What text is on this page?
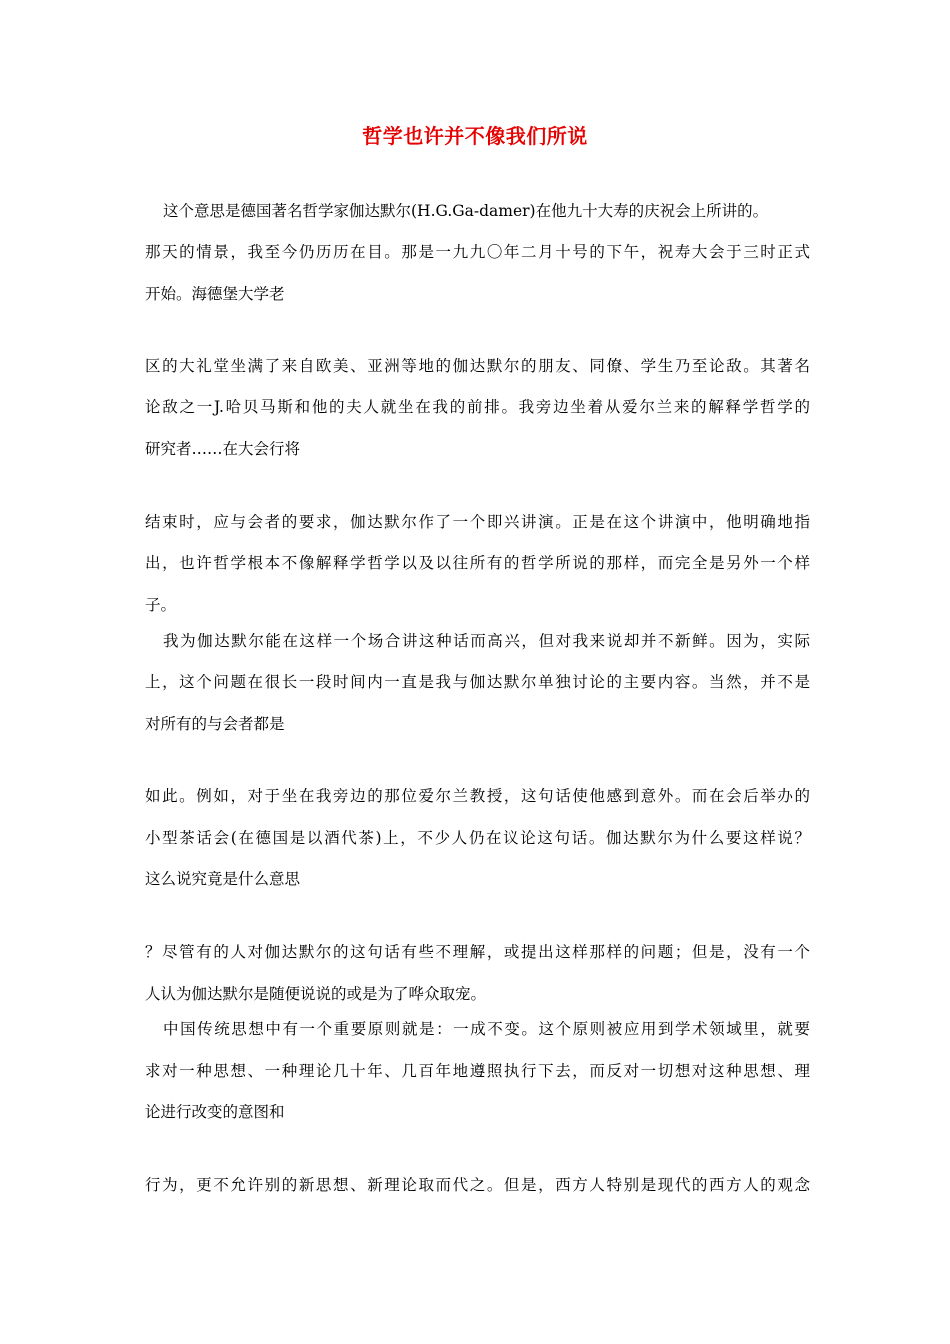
哲学也许并不像我们所说
这个意思是德国著名哲学家伽达默尔(H.G.Ga-damer)在他九十大寿的庆祝会上所讲的。
那天的情景，我至今仍历历在目。那是一九九〇年二月十号的下午，祝寿大会于三时正式
开始。海德堡大学老
区的大礼堂坐满了来自欧美、亚洲等地的伽达默尔的朋友、同僚、学生乃至论敌。其著名
论敌之一J.哈贝马斯和他的夫人就坐在我的前排。我旁边坐着从爱尔兰来的解释学哲学的
研究者……在大会行将
结束时，应与会者的要求，伽达默尔作了一个即兴讲演。正是在这个讲演中，他明确地指
出，也许哲学根本不像解释学哲学以及以往所有的哲学所说的那样，而完全是另外一个样
子。
我为伽达默尔能在这样一个场合讲这种话而高兴，但对我来说却并不新鲜。因为，实际
上，这个问题在很长一段时间内一直是我与伽达默尔单独讨论的主要内容。当然，并不是
对所有的与会者都是
如此。例如，对于坐在我旁边的那位爱尔兰教授，这句话使他感到意外。而在会后举办的
小型茶话会(在德国是以酒代茶)上，不少人仍在议论这句话。伽达默尔为什么要这样说？
这么说究竟是什么意思
？尽管有的人对伽达默尔的这句话有些不理解，或提出这样那样的问题；但是，没有一个
人认为伽达默尔是随便说说的或是为了哗众取宠。
中国传统思想中有一个重要原则就是：一成不变。这个原则被应用到学术领域里，就要
求对一种思想、一种理论几十年、几百年地遵照执行下去，而反对一切想对这种思想、理
论进行改变的意图和
行为，更不允许别的新思想、新理论取而代之。但是，西方人特别是现代的西方人的观念
